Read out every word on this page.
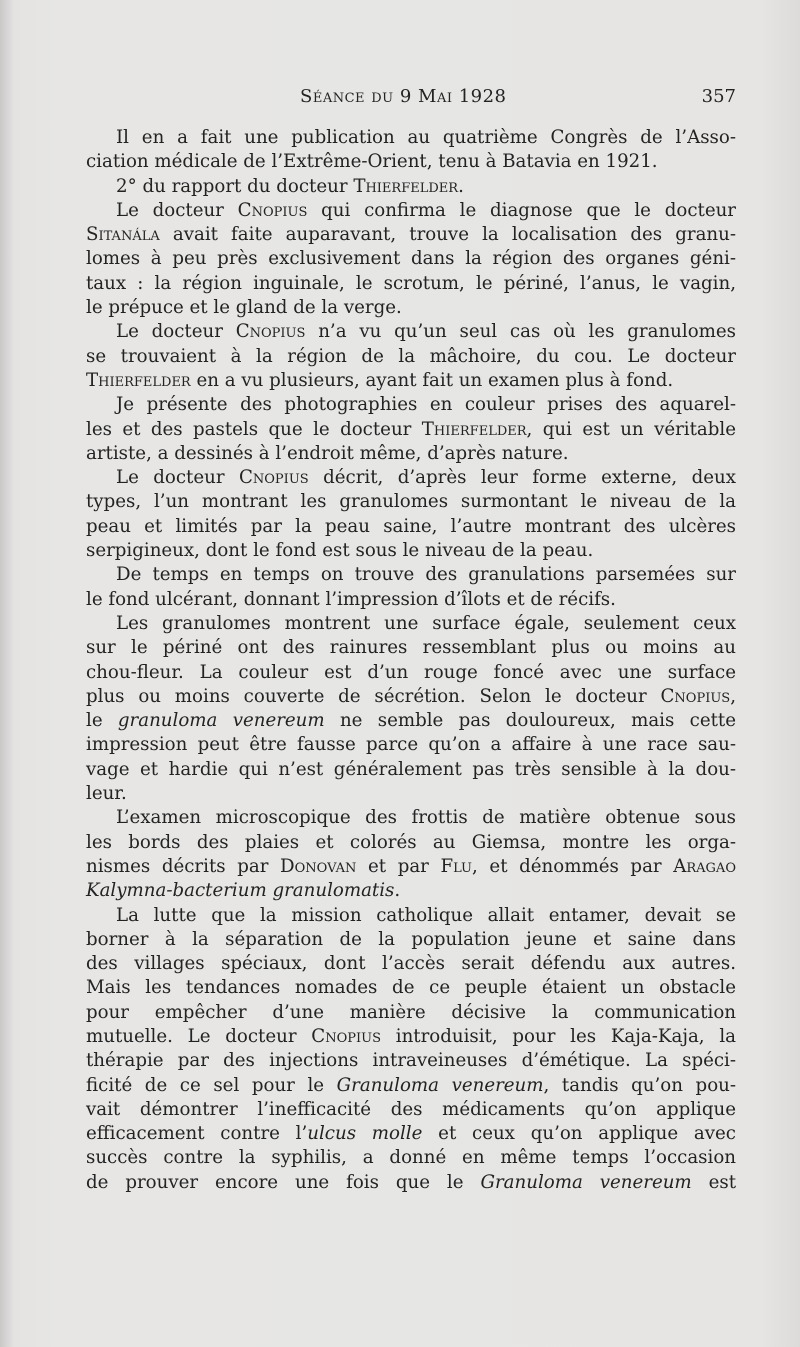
Séance du 9 Mai 1928	357
Il en a fait une publication au quatrième Congrès de l’Asso-
ciation médicale de l’Extrême-Orient, tenu à Batavia en 1921.
2° du rapport du docteur Thierfelder.
Le docteur Cnopius qui confirma le diagnose que le docteur
Sitanála avait faite auparavant, trouve la localisation des granu-
lomes à peu près exclusivement dans la région des organes géni-
taux : la région inguinale, le scrotum, le périné, l’anus, le vagin,
le prépuce et le gland de la verge.
Le docteur Cnopius n’a vu qu’un seul cas où les granulomes
se trouvaient à la région de la mâchoire, du cou. Le docteur
Thierfelder en a vu plusieurs, ayant fait un examen plus à fond.
Je présente des photographies en couleur prises des aquarel-
les et des pastels que le docteur Thierfelder, qui est un véritable
artiste, a dessinés à l’endroit même, d’après nature.
Le docteur Cnopius décrit, d’après leur forme externe, deux
types, l’un montrant les granulomes surmontant le niveau de la
peau et limités par la peau saine, l’autre montrant des ulcères
serpigineux, dont le fond est sous le niveau de la peau.
De temps en temps on trouve des granulations parsemées sur
le fond ulcérant, donnant l’impression d’îlots et de récifs.
Les granulomes montrent une surface égale, seulement ceux
sur le périné ont des rainures ressemblant plus ou moins au
chou-fleur. La couleur est d’un rouge foncé avec une surface
plus ou moins couverte de sécrétion. Selon le docteur Cnopius,
le granuloma venereum ne semble pas douloureux, mais cette
impression peut être fausse parce qu’on a affaire à une race sau-
vage et hardie qui n’est généralement pas très sensible à la dou-
leur.
L’examen microscopique des frottis de matière obtenue sous
les bords des plaies et colorés au Giemsa, montre les orga-
nismes décrits par Donovan et par Flu, et dénommés par Aragao
Kalymna-bacterium granulomatis.
La lutte que la mission catholique allait entamer, devait se
borner à la séparation de la population jeune et saine dans
des villages spéciaux, dont l’accès serait défendu aux autres.
Mais les tendances nomades de ce peuple étaient un obstacle
pour empêcher d’une manière décisive la communication
mutuelle. Le docteur Cnopius introduisit, pour les Kaja-Kaja, la
thérapie par des injections intraveineuses d’émétique. La spéci-
ficité de ce sel pour le Granuloma venereum, tandis qu’on pou-
vait démontrer l’inefficacité des médicaments qu’on applique
efficacement contre l’ulcus molle et ceux qu’on applique avec
succès contre la syphilis, a donné en même temps l’occasion
de prouver encore une fois que le Granuloma venereum est
